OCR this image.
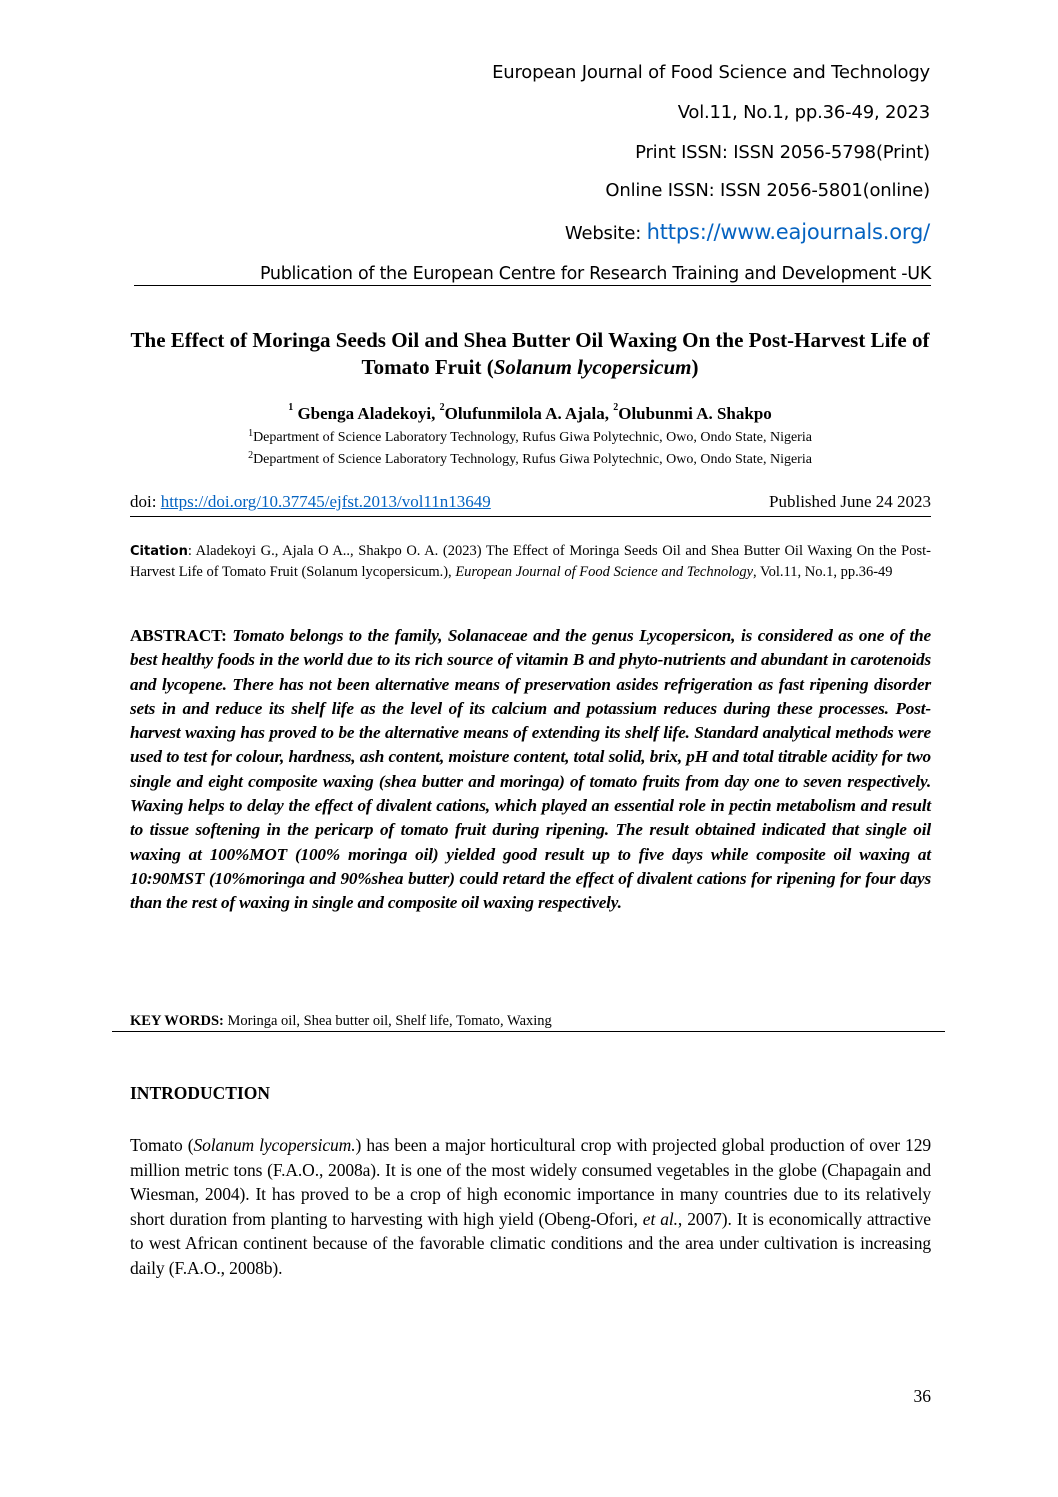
European Journal of Food Science and Technology
Vol.11, No.1, pp.36-49, 2023
Print ISSN: ISSN 2056-5798(Print)
Online ISSN: ISSN 2056-5801(online)
Website: https://www.eajournals.org/
Publication of the European Centre for Research Training and Development -UK
The Effect of Moringa Seeds Oil and Shea Butter Oil Waxing On the Post-Harvest Life of Tomato Fruit (Solanum lycopersicum)
$^1$ Gbenga Aladekoyi, $^2$Olufunmilola A. Ajala, $^2$Olubunmi A. Shakpo
$^1$Department of Science Laboratory Technology, Rufus Giwa Polytechnic, Owo, Ondo State, Nigeria
$^2$Department of Science Laboratory Technology, Rufus Giwa Polytechnic, Owo, Ondo State, Nigeria
doi: https://doi.org/10.37745/ejfst.2013/vol11n13649	Published June 24 2023
Citation: Aladekoyi G., Ajala O A.., Shakpo O. A. (2023) The Effect of Moringa Seeds Oil and Shea Butter Oil Waxing On the Post-Harvest Life of Tomato Fruit (Solanum lycopersicum.), European Journal of Food Science and Technology, Vol.11, No.1, pp.36-49
ABSTRACT: Tomato belongs to the family, Solanaceae and the genus Lycopersicon, is considered as one of the best healthy foods in the world due to its rich source of vitamin B and phyto-nutrients and abundant in carotenoids and lycopene. There has not been alternative means of preservation asides refrigeration as fast ripening disorder sets in and reduce its shelf life as the level of its calcium and potassium reduces during these processes. Post-harvest waxing has proved to be the alternative means of extending its shelf life. Standard analytical methods were used to test for colour, hardness, ash content, moisture content, total solid, brix, pH and total titrable acidity for two single and eight composite waxing (shea butter and moringa) of tomato fruits from day one to seven respectively. Waxing helps to delay the effect of divalent cations, which played an essential role in pectin metabolism and result to tissue softening in the pericarp of tomato fruit during ripening. The result obtained indicated that single oil waxing at 100%MOT (100% moringa oil) yielded good result up to five days while composite oil waxing at 10:90MST (10%moringa and 90%shea butter) could retard the effect of divalent cations for ripening for four days than the rest of waxing in single and composite oil waxing respectively.
KEY WORDS: Moringa oil, Shea butter oil, Shelf life, Tomato, Waxing
INTRODUCTION
Tomato (Solanum lycopersicum.) has been a major horticultural crop with projected global production of over 129 million metric tons (F.A.O., 2008a). It is one of the most widely consumed vegetables in the globe (Chapagain and Wiesman, 2004). It has proved to be a crop of high economic importance in many countries due to its relatively short duration from planting to harvesting with high yield (Obeng-Ofori, et al., 2007). It is economically attractive to west African continent because of the favorable climatic conditions and the area under cultivation is increasing daily (F.A.O., 2008b).
36
